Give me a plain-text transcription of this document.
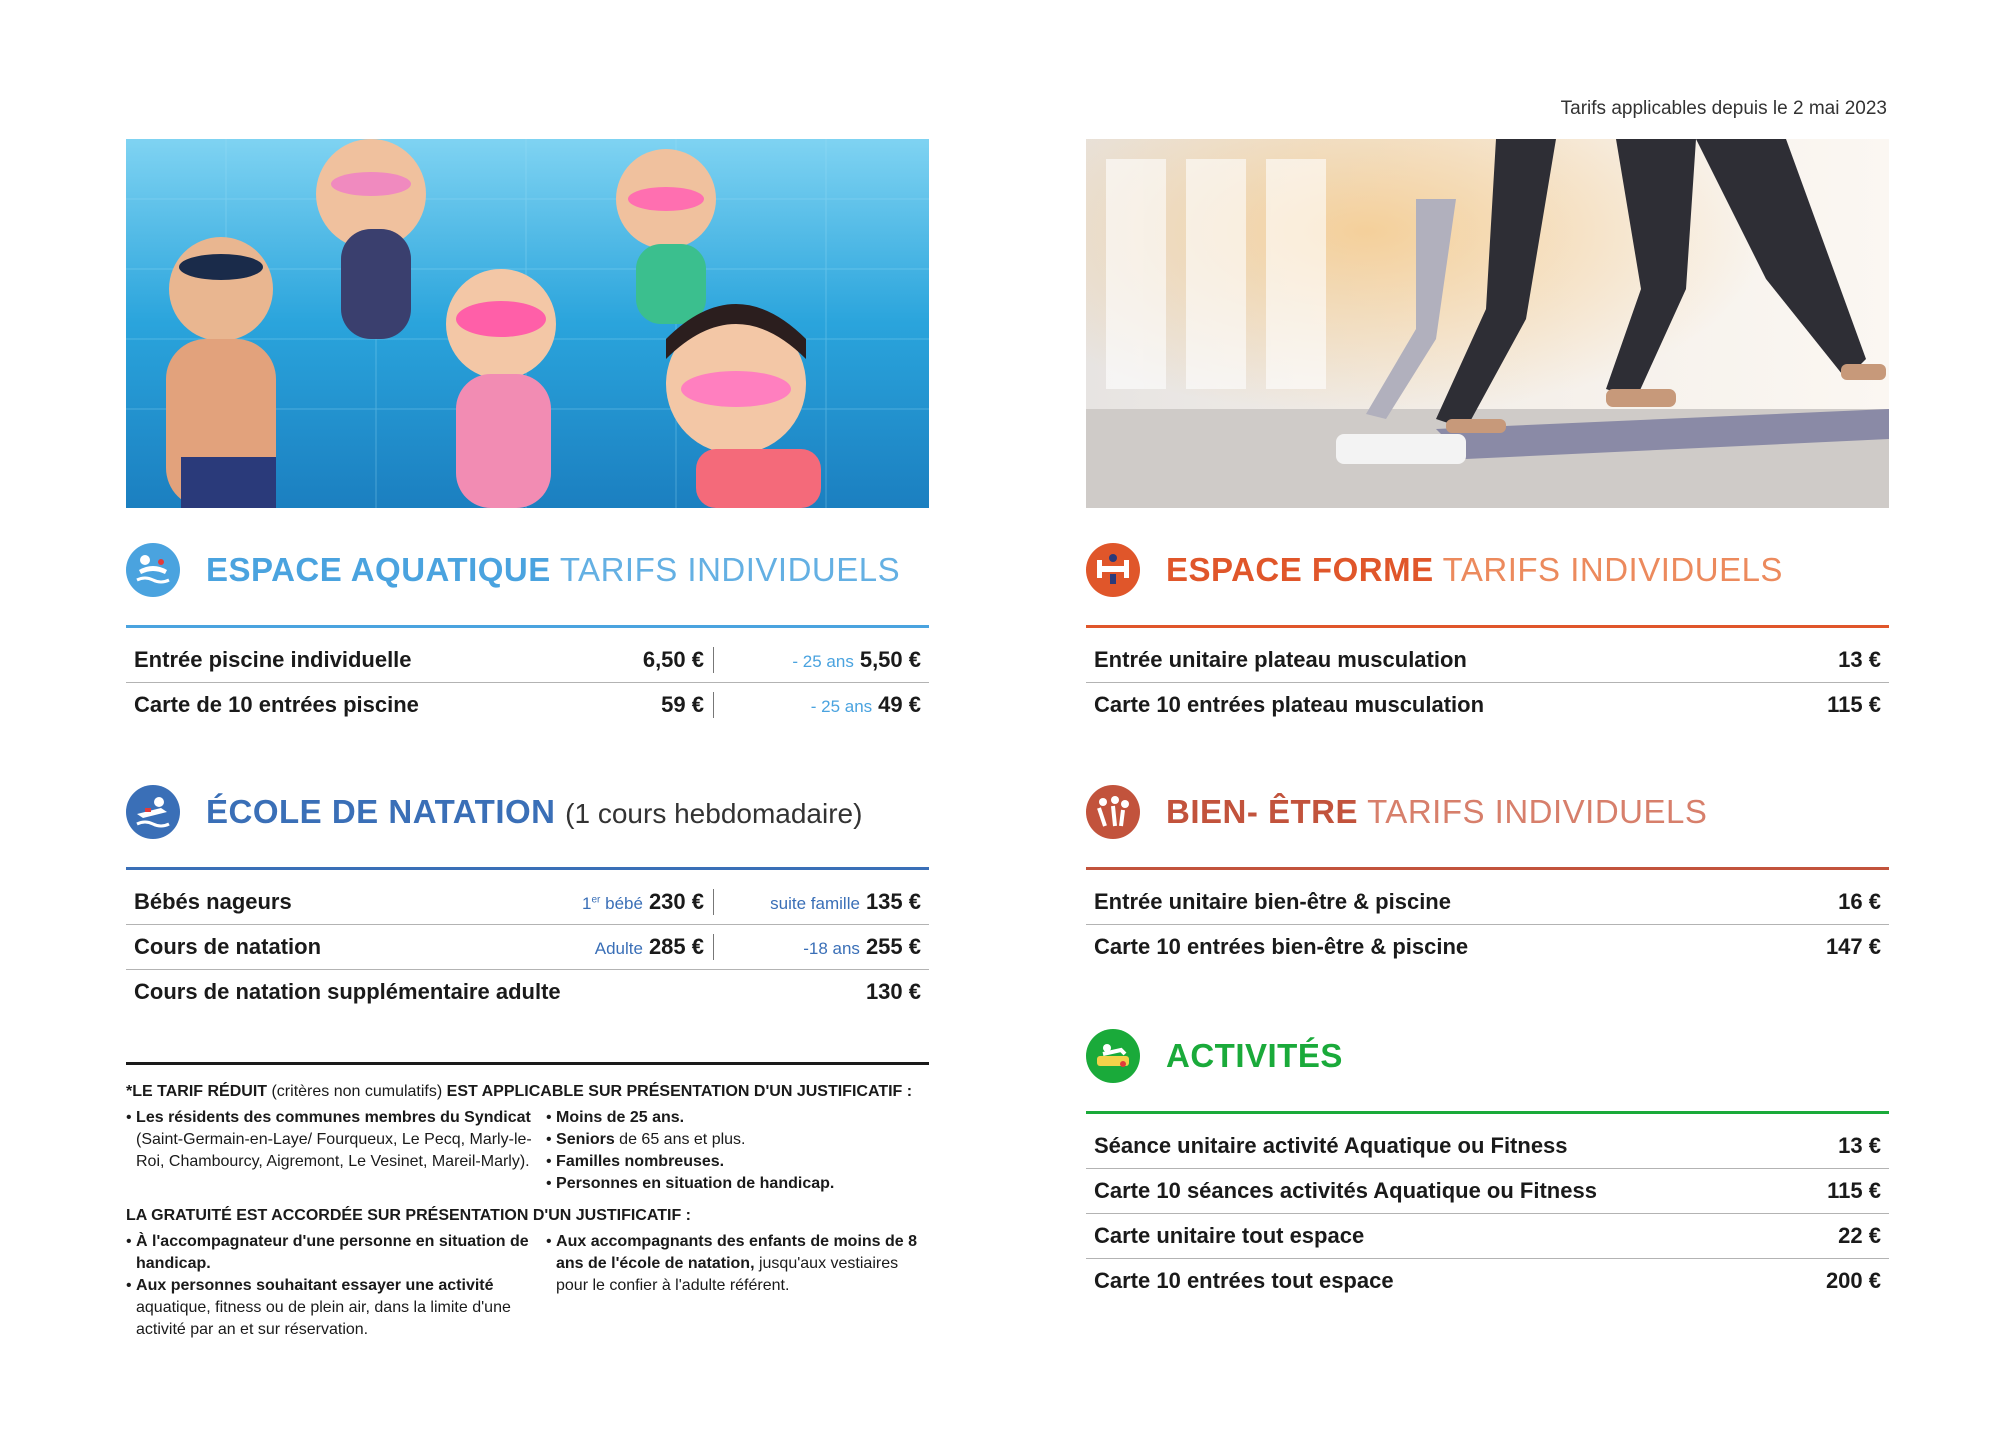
Tarifs applicables depuis le 2 mai 2023
ESPACE AQUATIQUE TARIFS INDIVIDUELS
Entrée piscine individuelle	6,50 €	- 25 ans 5,50 €
Carte de 10 entrées piscine	59 €	- 25 ans 49 €
ÉCOLE DE NATATION (1 cours hebdomadaire)
Bébés nageurs	1er bébé 230 €	suite famille 135 €
Cours de natation	Adulte 285 €	-18 ans 255 €
Cours de natation supplémentaire adulte	130 €
ESPACE FORME TARIFS INDIVIDUELS
Entrée unitaire plateau musculation	13 €
Carte 10 entrées plateau musculation	115 €
BIEN- ÊTRE TARIFS INDIVIDUELS
Entrée unitaire bien-être & piscine	16 €
Carte 10 entrées bien-être & piscine	147 €
ACTIVITÉS
Séance unitaire activité Aquatique ou Fitness	13 €
Carte 10 séances activités Aquatique ou Fitness	115 €
Carte unitaire tout espace	22 €
Carte 10 entrées tout espace	200 €
*LE TARIF RÉDUIT (critères non cumulatifs) EST APPLICABLE SUR PRÉSENTATION D'UN JUSTIFICATIF :
• Les résidents des communes membres du Syndicat (Saint-Germain-en-Laye/ Fourqueux, Le Pecq, Marly-le-Roi, Chambourcy, Aigremont, Le Vesinet, Mareil-Marly).
• Moins de 25 ans.
• Seniors de 65 ans et plus.
• Familles nombreuses.
• Personnes en situation de handicap.
LA GRATUITÉ EST ACCORDÉE SUR PRÉSENTATION D'UN JUSTIFICATIF :
• À l'accompagnateur d'une personne en situation de handicap.
• Aux personnes souhaitant essayer une activité aquatique, fitness ou de plein air, dans la limite d'une activité par an et sur réservation.
• Aux accompagnants des enfants de moins de 8 ans de l'école de natation, jusqu'aux vestiaires pour le confier à l'adulte référent.
